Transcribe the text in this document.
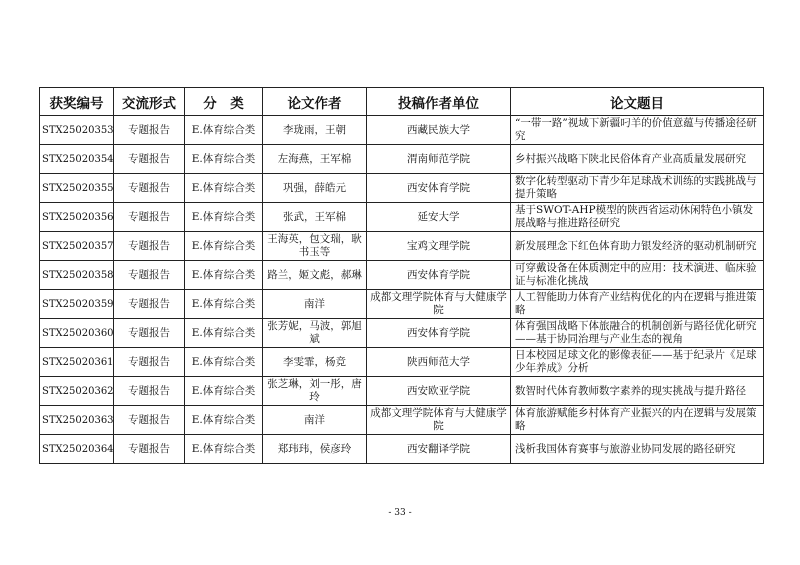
获奖编号	交流形式	分　类	论文作者	投稿作者单位	论文题目
STX25020353	专题报告	E.体育综合类	李珑雨，王朝	西藏民族大学	“一带一路”视域下新疆叼羊的价值意蕴与传播途径研究
STX25020354	专题报告	E.体育综合类	左海燕，王军棉	渭南师范学院	乡村振兴战略下陕北民俗体育产业高质量发展研究
STX25020355	专题报告	E.体育综合类	巩强，薛皓元	西安体育学院	数字化转型驱动下青少年足球战术训练的实践挑战与提升策略
STX25020356	专题报告	E.体育综合类	张武，王军棉	延安大学	基于SWOT-AHP模型的陕西省运动休闲特色小镇发展战略与推进路径研究
STX25020357	专题报告	E.体育综合类	王海英，包文瑞，耿书玉等	宝鸡文理学院	新发展理念下红色体育助力银发经济的驱动机制研究
STX25020358	专题报告	E.体育综合类	路兰，姬文彪，郝琳	西安体育学院	可穿戴设备在体质测定中的应用：技术演进、临床验证与标准化挑战
STX25020359	专题报告	E.体育综合类	南洋	成都文理学院体育与大健康学院	人工智能助力体育产业结构优化的内在逻辑与推进策略
STX25020360	专题报告	E.体育综合类	张芳妮，马波，郭旭斌	西安体育学院	体育强国战略下体旅融合的机制创新与路径优化研究——基于协同治理与产业生态的视角
STX25020361	专题报告	E.体育综合类	李雯霏，杨竞	陕西师范大学	日本校园足球文化的影像表征——基于纪录片《足球少年养成》分析
STX25020362	专题报告	E.体育综合类	张芝琳，刘一彤，唐玲	西安欧亚学院	数智时代体育教师数字素养的现实挑战与提升路径
STX25020363	专题报告	E.体育综合类	南洋	成都文理学院体育与大健康学院	体育旅游赋能乡村体育产业振兴的内在逻辑与发展策略
STX25020364	专题报告	E.体育综合类	郑玮玮，侯彦玲	西安翻译学院	浅析我国体育赛事与旅游业协同发展的路径研究
- 33 -
